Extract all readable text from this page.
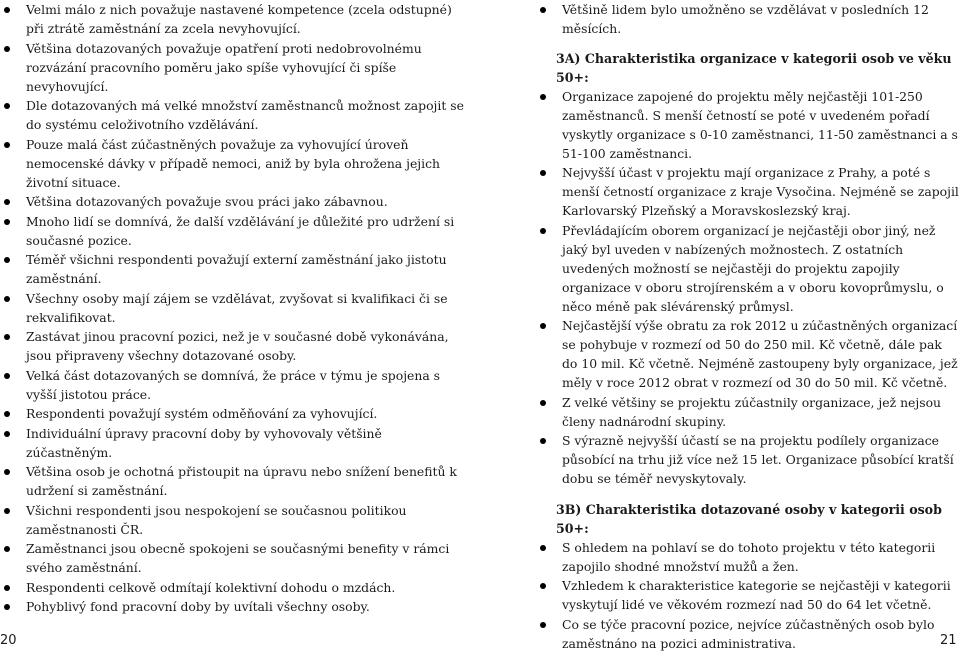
Velmi málo z nich považuje nastavené kompetence (zcela odstupné) při ztrátě zaměstnání za zcela nevyhovující.
Většina dotazovaných považuje opatření proti nedobrovolnému rozvázání pracovního poměru jako spíše vyhovující či spíše nevyhovující.
Dle dotazovaných má velké množství zaměstnanců možnost zapojit se do systému celoživotního vzdělávání.
Pouze malá část zúčastněných považuje za vyhovující úroveň nemocenské dávky v případě nemoci, aniž by byla ohrožena jejich životní situace.
Většina dotazovaných považuje svou práci jako zábavnou.
Mnoho lidí se domnívá, že další vzdělávání je důležité pro udržení si současné pozice.
Téměř všichni respondenti považují externí zaměstnání jako jistotu zaměstnání.
Všechny osoby mají zájem se vzdělávat, zvyšovat si kvalifikaci či se rekvalifikovat.
Zastávat jinou pracovní pozici, než je v současné době vykonávána, jsou připraveny všechny dotazované osoby.
Velká část dotazovaných se domnívá, že práce v týmu je spojena s vyšší jistotou práce.
Respondenti považují systém odměňování za vyhovující.
Individuální úpravy pracovní doby by vyhovovaly většině zúčastněným.
Většina osob je ochotná přistoupit na úpravu nebo snížení benefitů k udržení si zaměstnání.
Všichni respondenti jsou nespokojení se současnou politikou zaměstnanosti ČR.
Zaměstnanci jsou obecně spokojeni se současnými benefity v rámci svého zaměstnání.
Respondenti celkově odmítají kolektivní dohodu o mzdách.
Pohyblivý fond pracovní doby by uvítali všechny osoby.
Většině lidem bylo umožněno se vzdělávat v posledních 12 měsících.
3A) Charakteristika organizace v kategorii osob ve věku 50+:
Organizace zapojené do projektu měly nejčastěji 101-250 zaměstnanců. S menší četností se poté v uvedeném pořadí vyskytly organizace s 0-10 zaměstnanci, 11-50 zaměstnanci a s 51-100 zaměstnanci.
Nejvyšší účast v projektu mají organizace z Prahy, a poté s menší četností organizace z kraje Vysočina. Nejméně se zapojil Karlovarský Plzeňský a Moravskoslezský kraj.
Převládajícím oborem organizací je nejčastěji obor jiný, než jaký byl uveden v nabízených možnostech. Z ostatních uvedených možností se nejčastěji do projektu zapojily organizace v oboru strojírenském a v oboru kovoprůmyslu, o něco méně pak slévárenský průmysl.
Nejčastější výše obratu za rok 2012 u zúčastněných organizací se pohybuje v rozmezí od 50 do 250 mil. Kč včetně, dále pak do 10 mil. Kč včetně. Nejméně zastoupeny byly organizace, jež měly v roce 2012 obrat v rozmezí od 30 do 50 mil. Kč včetně.
Z velké většiny se projektu zúčastnily organizace, jež nejsou členy nadnárodní skupiny.
S výrazně nejvyšší účastí se na projektu podílely organizace působící na trhu již více než 15 let. Organizace působící kratší dobu se téměř nevyskytovaly.
3B) Charakteristika dotazované osoby v kategorii osob 50+:
S ohledem na pohlaví se do tohoto projektu v této kategorii zapojilo shodné množství mužů a žen.
Vzhledem k charakteristice kategorie se nejčastěji v kategorii vyskytují lidé ve věkovém rozmezí nad 50 do 64 let včetně.
Co se týče pracovní pozice, nejvíce zúčastněných osob bylo zaměstnáno na pozici administrativa.
20	21
